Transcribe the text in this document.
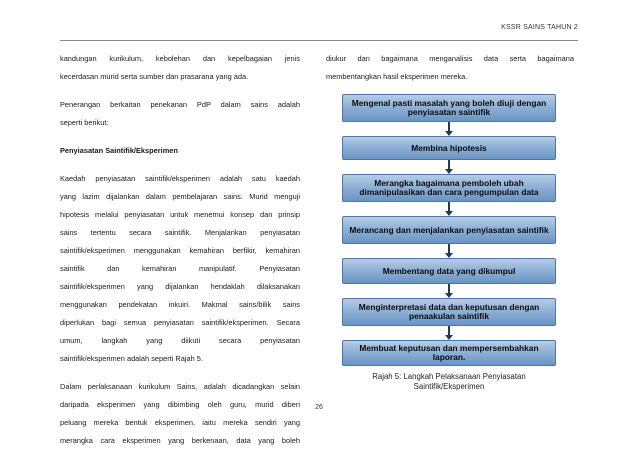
KSSR SAINS TAHUN 2

kandungan kurikulum, kebolehan dan kepelbagaian jenis

kecerdasan murid serta sumber dan prasarana yang ada.

Penerangan berkaitan penekanan PdP dalam sains adalah

seperti berikut:

Penyiasatan Saintifik/Eksperimen

Kaedah penyiasatan saintifik/eksperimen adalah satu kaedah

yang lazim dijalankan dalam pembelajaran sains. Murid menguji

hipotesis melalui penyiasatan untuk menemui konsep dan prinsip

sains tertentu secara saintifik. Menjalankan penyiasatan

saintifik/eksperimen menggunakan kemahiran berfikir, kemahiran

saintifik dan kemahiran manipulatif. Penyiasatan

saintifik/eksperimen yang dijalankan hendaklah dilaksanakan

menggunakan pendekatan inkuiri. Makmal sains/bilik sains

diperlukan bagi semua penyiasatan saintifik/eksperimen. Secara

umum, langkah yang diikuti secara penyiasatan

saintifik/eksperimen adalah seperti Rajah 5.

Dalam perlaksanaan kurikulum Sains, adalah dicadangkan selain

daripada eksperimen yang dibimbing oleh guru, murid diberi

peluang mereka bentuk eksperimen, iaitu mereka sendiri yang

merangka cara eksperimen yang berkenaan, data yang boleh

diukur dan bagaimana menganalisis data serta bagaimana

membentangkan hasil eksperimen mereka.

Mengenal pasti masalah yang boleh diuji dengan penyiasatan saintifik
Membina hipotesis
Merangka bagaimana pemboleh ubah dimanipulasikan dan cara pengumpulan data
Merancang dan menjalankan penyiasatan saintifik
Membentang data yang dikumpul
Menginterpretasi data dan keputusan dengan penaakulan saintifik
Membuat keputusan dan mempersembahkan laporan.
Rajah 5: Langkah Pelaksanaan Penyiasatan Saintifik/Eksperimen
26
